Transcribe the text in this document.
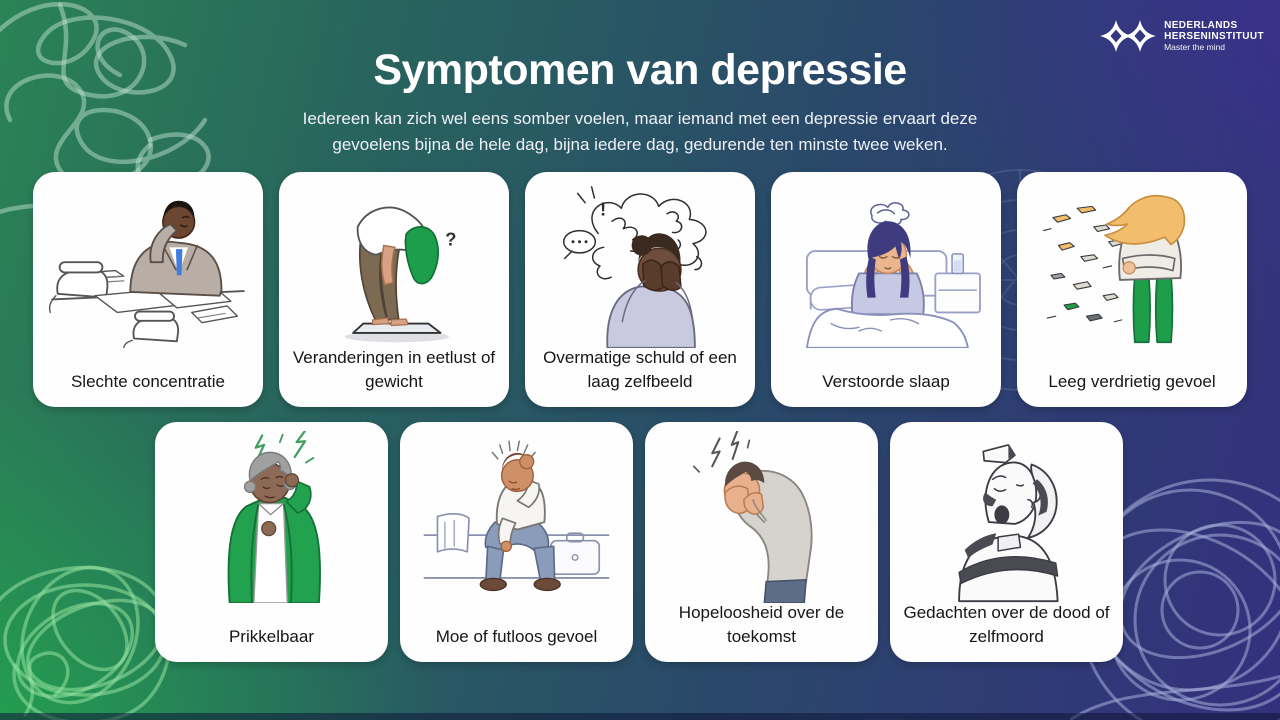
NEDERLANDS
HERSENINSTITUUT
Master the mind
Symptomen van depressie
Iedereen kan zich wel eens somber voelen, maar iemand met een depressie ervaart deze gevoelens bijna de hele dag, bijna iedere dag, gedurende ten minste twee weken.
Slechte concentratie
?
Veranderingen in eetlust of gewicht
!
Overmatige schuld of een laag zelfbeeld	Verstoorde slaap	Leeg verdrietig gevoel
Prikkelbaar	Moe of futloos gevoel
Hopeloosheid over de toekomst
Gedachten over de dood of zelfmoord
